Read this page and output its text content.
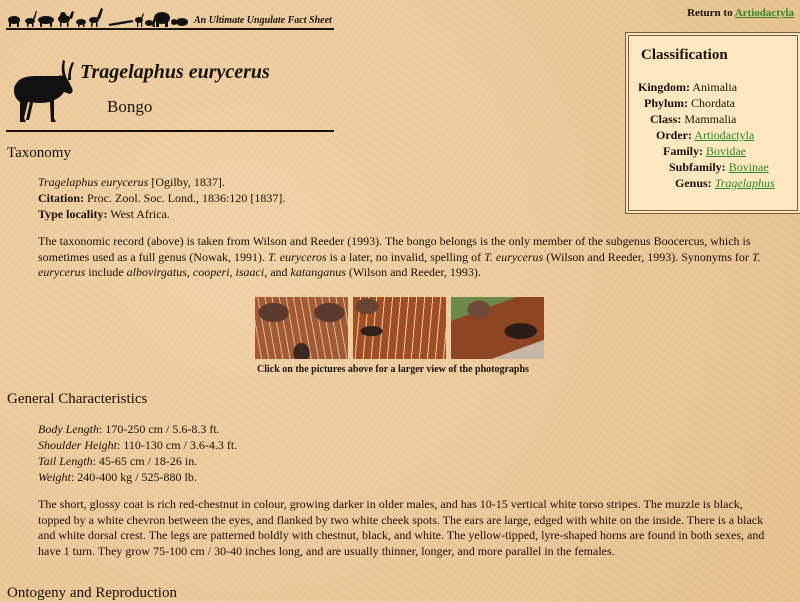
An Ultimate Ungulate Fact Sheet
Return to Artiodactyla
Tragelaphus eurycerus
Bongo
Classification
Kingdom: Animalia
Phylum: Chordata
Class: Mammalia
Order: Artiodactyla
Family: Bovidae
Subfamily: Bovinae
Genus: Tragelaphus
Taxonomy
Tragelaphus eurycerus [Ogilby, 1837].
Citation: Proc. Zool. Soc. Lond., 1836:120 [1837].
Type locality: West Africa.
The taxonomic record (above) is taken from Wilson and Reeder (1993). The bongo belongs is the only member of the subgenus Boocercus, which is sometimes used as a full genus (Nowak, 1991). T. euryceros is a later, no invalid, spelling of T. eurycerus (Wilson and Reeder, 1993). Synonyms for T. eurycerus include albovirgatus, cooperi, isaaci, and katanganus (Wilson and Reeder, 1993).
Click on the pictures above for a larger view of the photographs
General Characteristics
Body Length: 170-250 cm / 5.6-8.3 ft.
Shoulder Height: 110-130 cm / 3.6-4.3 ft.
Tail Length: 45-65 cm / 18-26 in.
Weight: 240-400 kg / 525-880 lb.
The short, glossy coat is rich red-chestnut in colour, growing darker in older males, and has 10-15 vertical white torso stripes. The muzzle is black, topped by a white chevron between the eyes, and flanked by two white cheek spots. The ears are large, edged with white on the inside. There is a black and white dorsal crest. The legs are patterned boldly with chestnut, black, and white. The yellow-tipped, lyre-shaped horns are found in both sexes, and have 1 turn. They grow 75-100 cm / 30-40 inches long, and are usually thinner, longer, and more parallel in the females.
Ontogeny and Reproduction
